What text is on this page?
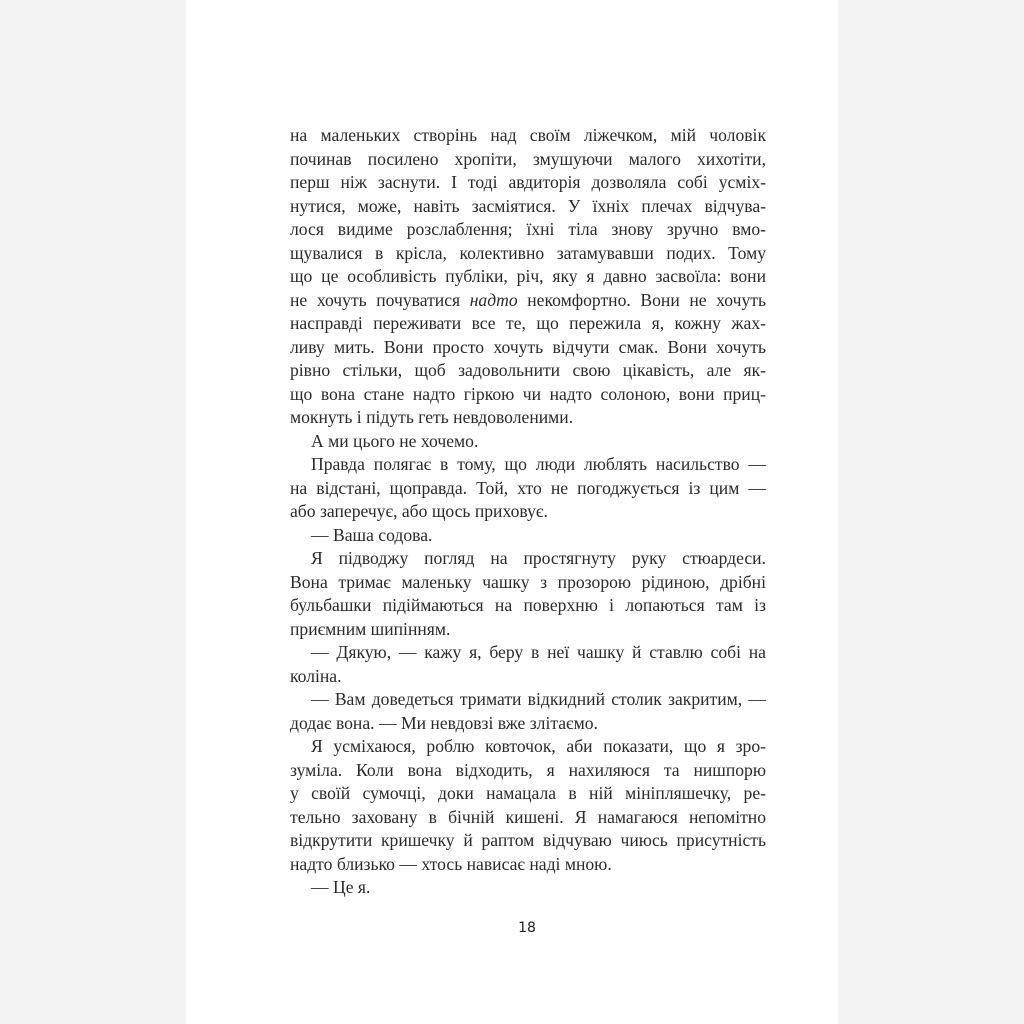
на маленьких створінь над своїм ліжечком, мій чоловік
починав посилено хропіти, змушуючи малого хихотіти,
перш ніж заснути. І тоді авдиторія дозволяла собі усміх-
нутися, може, навіть засміятися. У їхніх плечах відчува-
лося видиме розслаблення; їхні тіла знову зручно вмо-
щувалися в крісла, колективно затамувавши подих. Тому
що це особливість публіки, річ, яку я давно засвоїла: вони
не хочуть почуватися надто некомфортно. Вони не хочуть
насправді переживати все те, що пережила я, кожну жах-
ливу мить. Вони просто хочуть відчути смак. Вони хочуть
рівно стільки, щоб задовольнити свою цікавість, але як-
що вона стане надто гіркою чи надто солоною, вони приц-
мокнуть і підуть геть невдоволеними.
А ми цього не хочемо.
Правда полягає в тому, що люди люблять насильство —
на відстані, щоправда. Той, хто не погоджується із цим —
або заперечує, або щось приховує.
— Ваша содова.
Я підводжу погляд на простягнуту руку стюардеси.
Вона тримає маленьку чашку з прозорою рідиною, дрібні
бульбашки підіймаються на поверхню і лопаються там із
приємним шипінням.
— Дякую, — кажу я, беру в неї чашку й ставлю собі на
коліна.
— Вам доведеться тримати відкидний столик закритим, —
додає вона. — Ми невдовзі вже злітаємо.
Я усміхаюся, роблю ковточок, аби показати, що я зро-
зуміла. Коли вона відходить, я нахиляюся та нишпорю
у своїй сумочці, доки намацала в ній мініпляшечку, ре-
тельно заховану в бічній кишені. Я намагаюся непомітно
відкрутити кришечку й раптом відчуваю чиюсь присутність
надто близько — хтось нависає наді мною.
— Це я.
18
